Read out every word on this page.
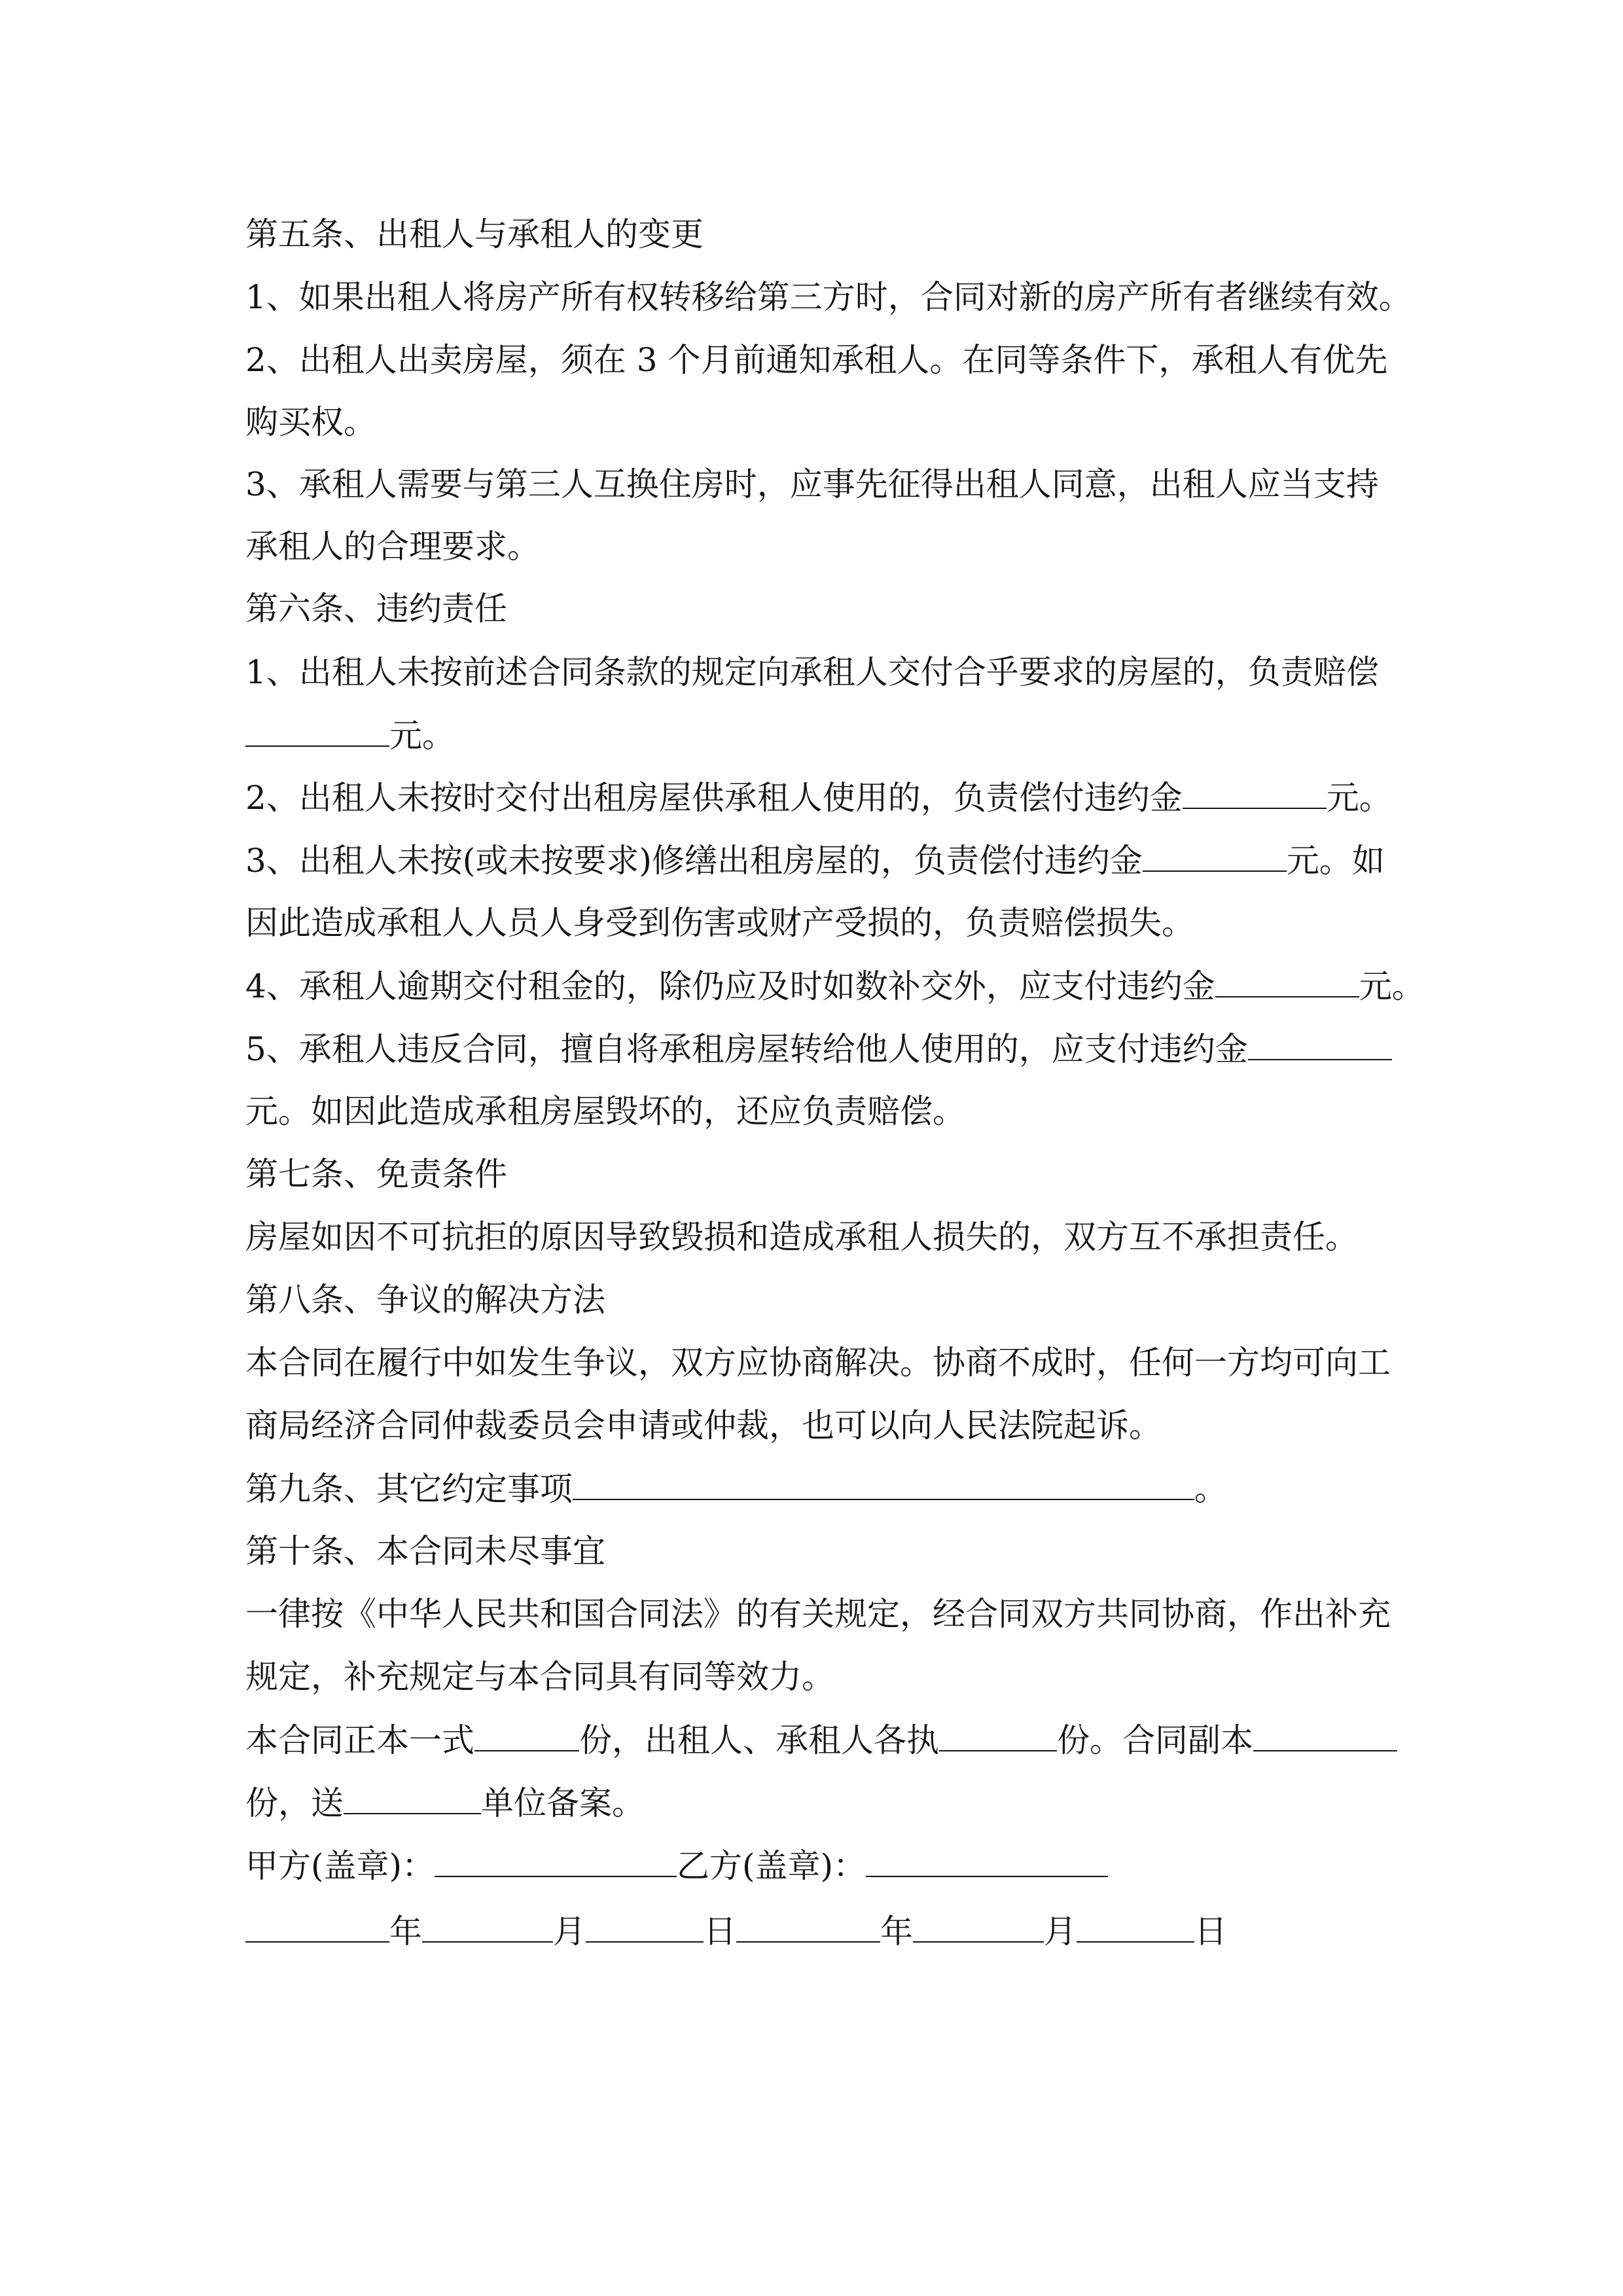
第五条、出租人与承租人的变更
1、如果出租人将房产所有权转移给第三方时，合同对新的房产所有者继续有效。
2、出租人出卖房屋，须在 3 个月前通知承租人。在同等条件下，承租人有优先
购买权。
3、承租人需要与第三人互换住房时，应事先征得出租人同意，出租人应当支持
承租人的合理要求。
第六条、违约责任
1、出租人未按前述合同条款的规定向承租人交付合乎要求的房屋的，负责赔偿
元。
2、出租人未按时交付出租房屋供承租人使用的，负责偿付违约金	元。
3、出租人未按(或未按要求)修缮出租房屋的，负责偿付违约金	元。如
因此造成承租人人员人身受到伤害或财产受损的，负责赔偿损失。
4、承租人逾期交付租金的，除仍应及时如数补交外，应支付违约金	元。
5、承租人违反合同，擅自将承租房屋转给他人使用的，应支付违约金
元。如因此造成承租房屋毁坏的，还应负责赔偿。
第七条、免责条件
房屋如因不可抗拒的原因导致毁损和造成承租人损失的，双方互不承担责任。
第八条、争议的解决方法
本合同在履行中如发生争议，双方应协商解决。协商不成时，任何一方均可向工
商局经济合同仲裁委员会申请或仲裁，也可以向人民法院起诉。
第九条、其它约定事项	。
第十条、本合同未尽事宜
一律按《中华人民共和国合同法》的有关规定，经合同双方共同协商，作出补充
规定，补充规定与本合同具有同等效力。
本合同正本一式	份，出租人、承租人各执	份。合同副本
份，送	单位备案。
甲方(盖章)：	乙方(盖章)：
年	月	日	年	月	日
